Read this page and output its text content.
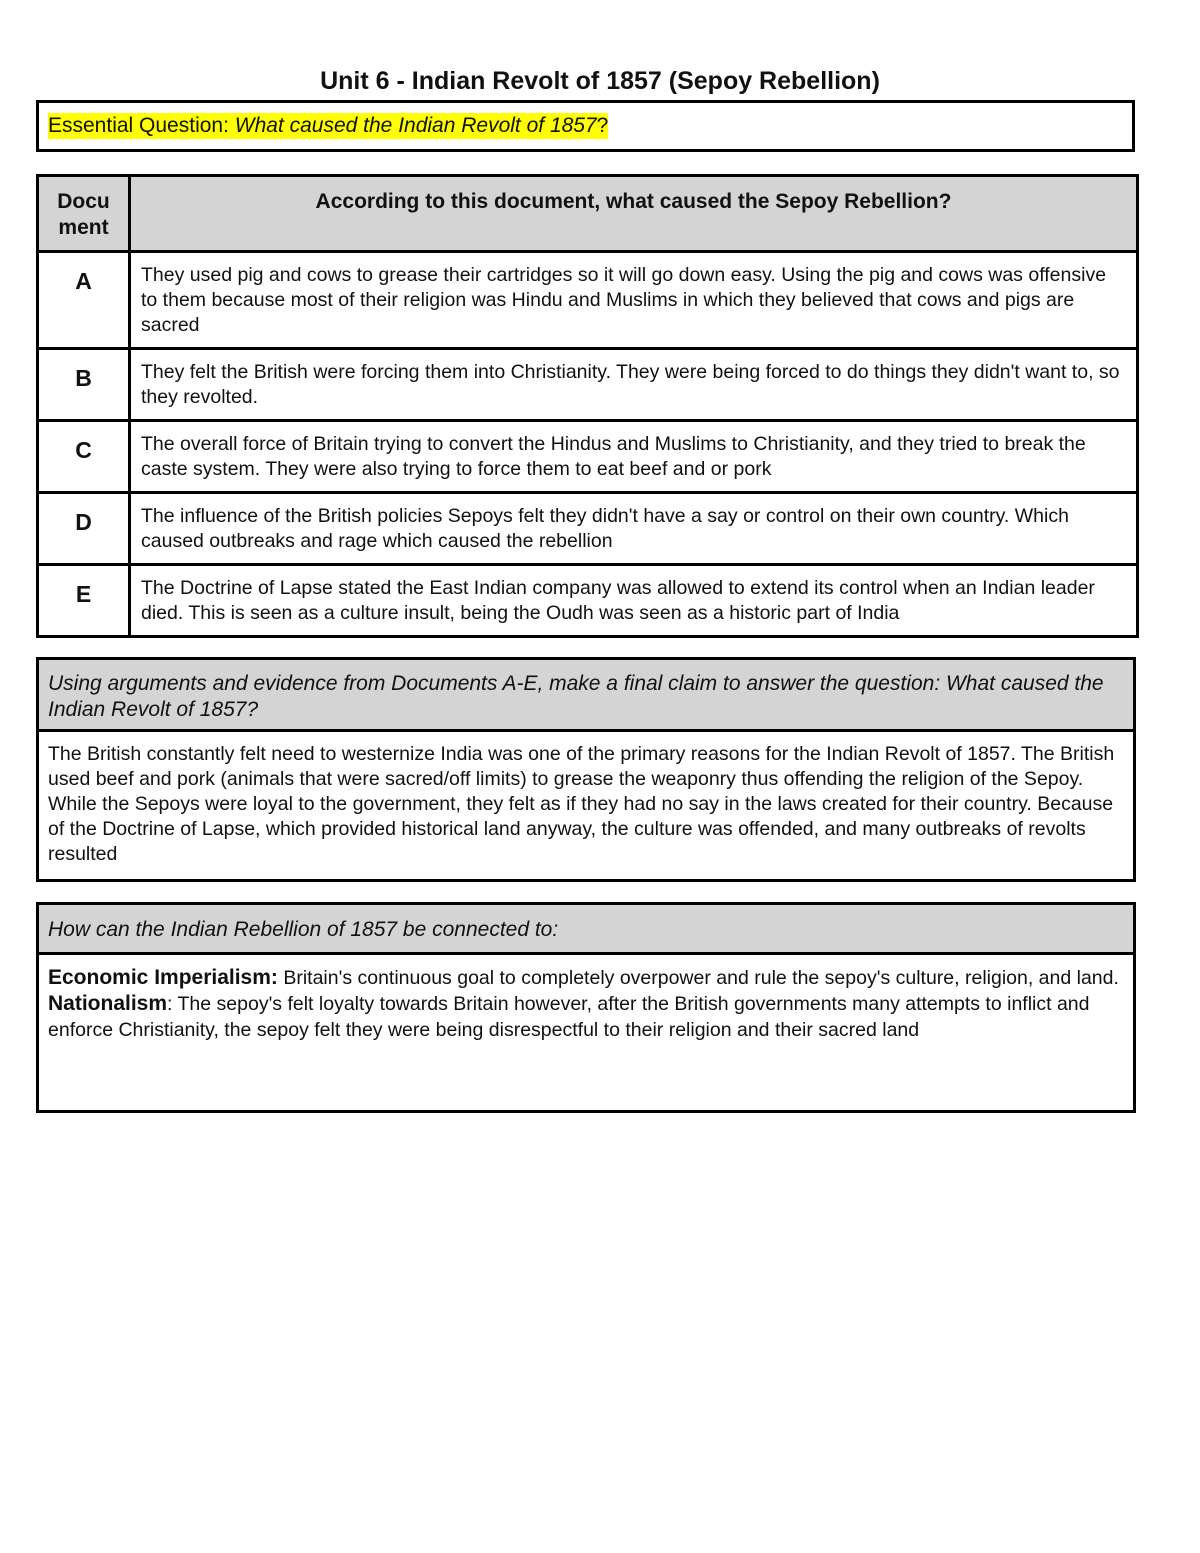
Unit 6 - Indian Revolt of 1857 (Sepoy Rebellion)
Essential Question: What caused the Indian Revolt of 1857?
Docu ment	According to this document, what caused the Sepoy Rebellion?
A	They used pig and cows to grease their cartridges so it will go down easy. Using the pig and cows was offensive to them because most of their religion was Hindu and Muslims in which they believed that cows and pigs are sacred
B	They felt the British were forcing them into Christianity. They were being forced to do things they didn't want to, so they revolted.
C	The overall force of Britain trying to convert the Hindus and Muslims to Christianity, and they tried to break the caste system. They were also trying to force them to eat beef and or pork
D	The influence of the British policies Sepoys felt they didn't have a say or control on their own country. Which caused outbreaks and rage which caused the rebellion
E	The Doctrine of Lapse stated the East Indian company was allowed to extend its control when an Indian leader died. This is seen as a culture insult, being the Oudh was seen as a historic part of India
Using arguments and evidence from Documents A-E, make a final claim to answer the question: What caused the Indian Revolt of 1857?
The British constantly felt need to westernize India was one of the primary reasons for the Indian Revolt of 1857. The British used beef and pork (animals that were sacred/off limits) to grease the weaponry thus offending the religion of the Sepoy. While the Sepoys were loyal to the government, they felt as if they had no say in the laws created for their country. Because of the Doctrine of Lapse, which provided historical land anyway, the culture was offended, and many outbreaks of revolts resulted
How can the Indian Rebellion of 1857 be connected to:
Economic Imperialism: Britain's continuous goal to completely overpower and rule the sepoy's culture, religion, and land.
Nationalism: The sepoy's felt loyalty towards Britain however, after the British governments many attempts to inflict and enforce Christianity, the sepoy felt they were being disrespectful to their religion and their sacred land
